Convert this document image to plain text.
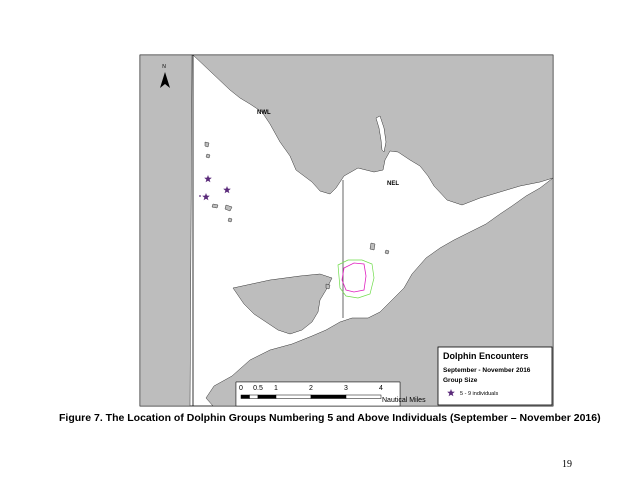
NWL
NEL
N
0 0.5 1	2	3	4
Nautical Miles
Dolphin Encounters
September - November 2016
Group Size
5 - 9 individuals
Figure 7. The Location of Dolphin Groups Numbering 5 and Above Individuals (September – November 2016)
19
